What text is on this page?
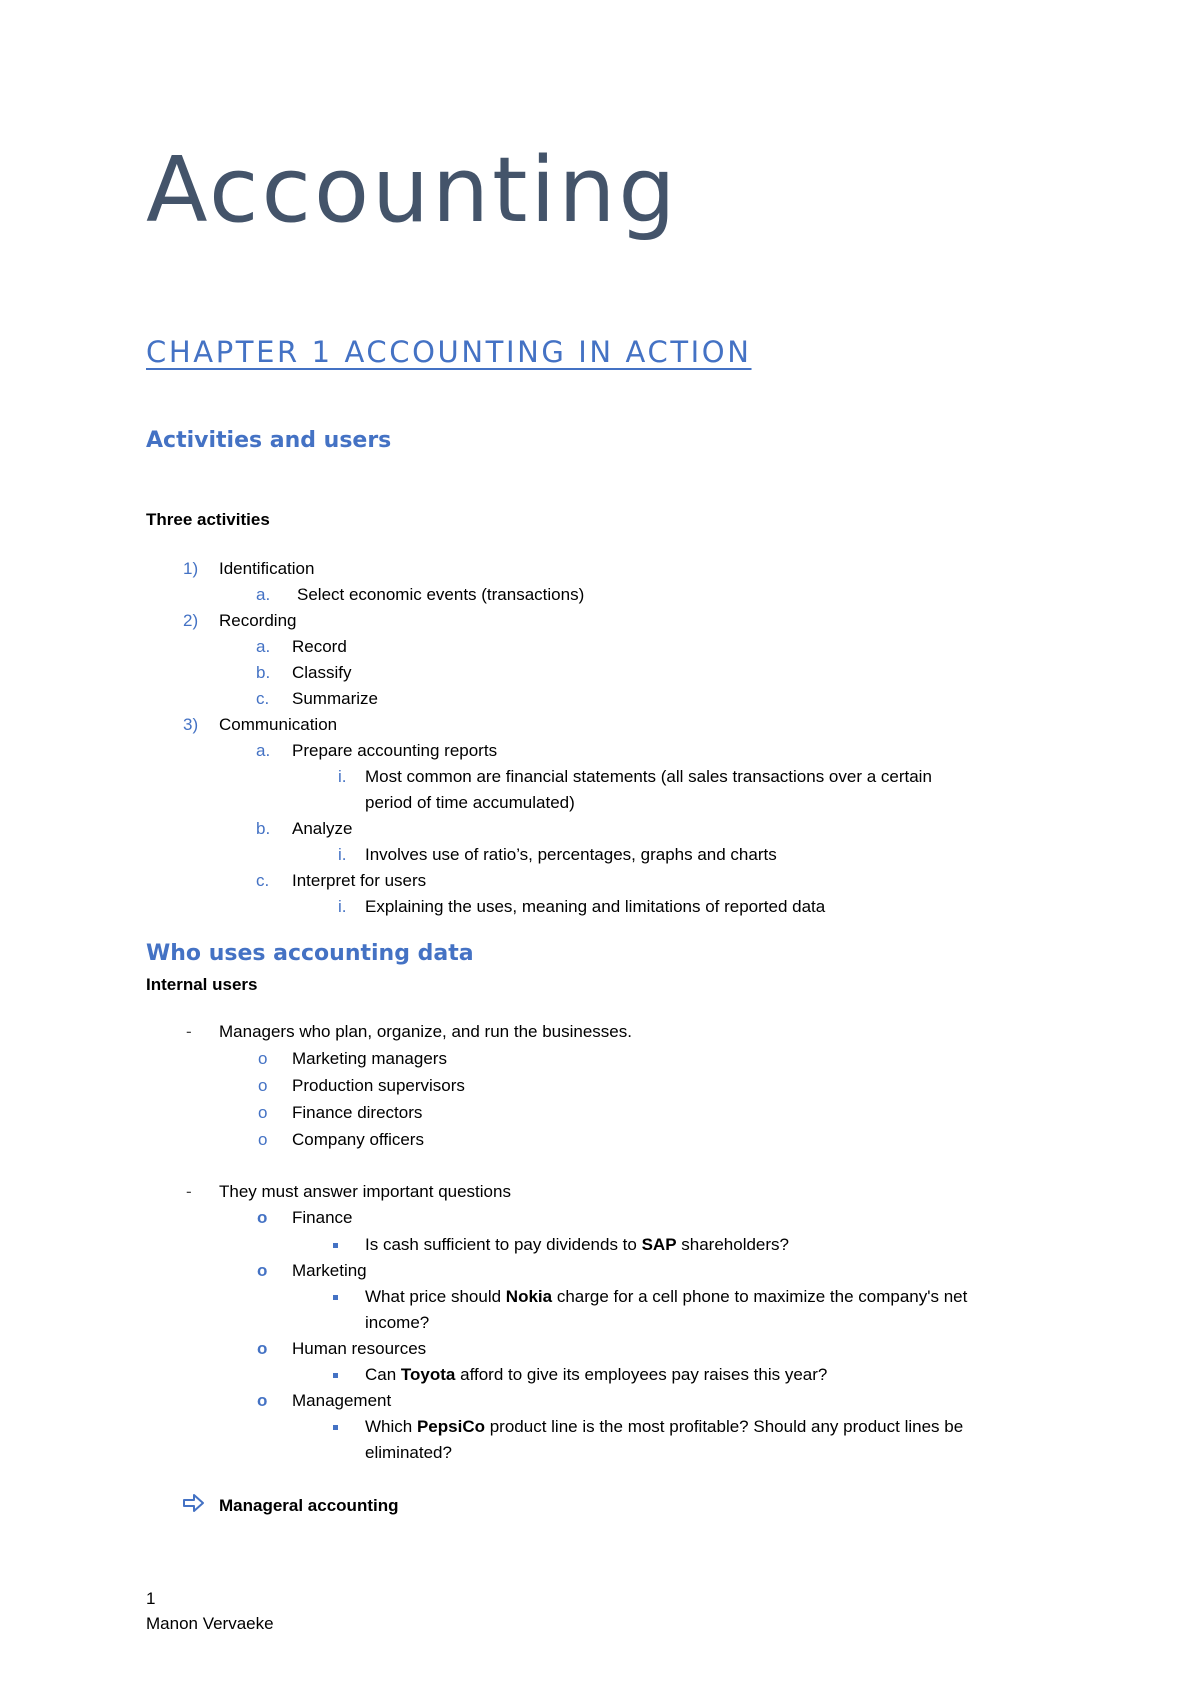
Accounting
CHAPTER 1 ACCOUNTING IN ACTION
Activities and users
Three activities
1) Identification
a. Select economic events (transactions)
2) Recording
a. Record
b. Classify
c. Summarize
3) Communication
a. Prepare accounting reports
i. Most common are financial statements (all sales transactions over a certain
period of time accumulated)
b. Analyze
i. Involves use of ratio’s, percentages, graphs and charts
c. Interpret for users
i. Explaining the uses, meaning and limitations of reported data
Who uses accounting data
Internal users
- Managers who plan, organize, and run the businesses.
o Marketing managers
o Production supervisors
o Finance directors
o Company officers
- They must answer important questions
o Finance
Is cash sufficient to pay dividends to SAP shareholders?
o Marketing
What price should Nokia charge for a cell phone to maximize the company's net
income?
o Human resources
Can Toyota afford to give its employees pay raises this year?
o Management
Which PepsiCo product line is the most profitable? Should any product lines be
eliminated?
Manageral accounting
1
Manon Vervaeke
